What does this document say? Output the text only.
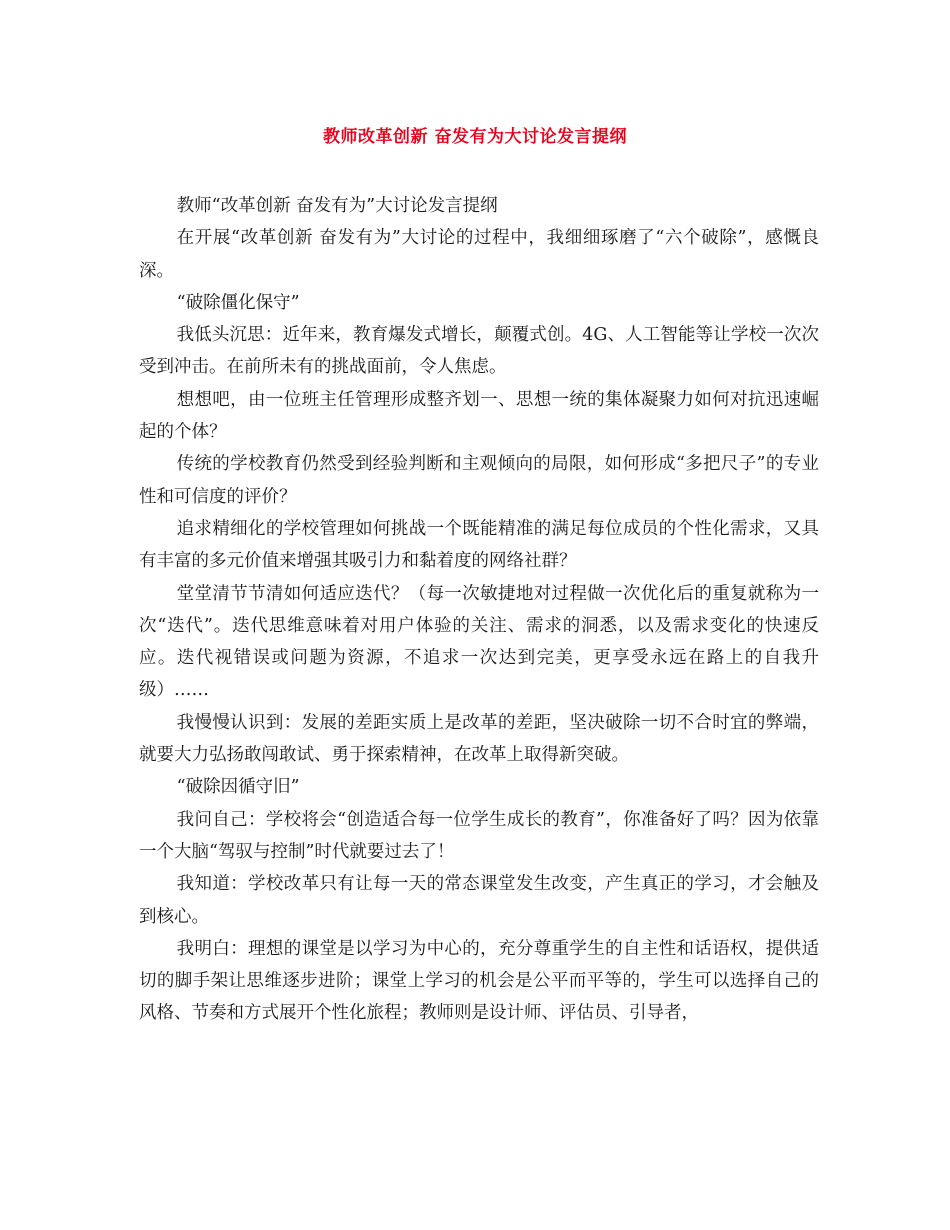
教师改革创新 奋发有为大讨论发言提纲

教师“改革创新 奋发有为”大讨论发言提纲

在开展“改革创新 奋发有为”大讨论的过程中，我细细琢磨了“六个破除”，感慨良深。

“破除僵化保守”

我低头沉思：近年来，教育爆发式增长，颠覆式创。4G、人工智能等让学校一次次受到冲击。在前所未有的挑战面前，令人焦虑。

想想吧，由一位班主任管理形成整齐划一、思想一统的集体凝聚力如何对抗迅速崛起的个体？

传统的学校教育仍然受到经验判断和主观倾向的局限，如何形成“多把尺子”的专业性和可信度的评价？

追求精细化的学校管理如何挑战一个既能精准的满足每位成员的个性化需求，又具有丰富的多元价值来增强其吸引力和黏着度的网络社群？

堂堂清节节清如何适应迭代？（每一次敏捷地对过程做一次优化后的重复就称为一次“迭代”。迭代思维意味着对用户体验的关注、需求的洞悉，以及需求变化的快速反应。迭代视错误或问题为资源，不追求一次达到完美，更享受永远在路上的自我升级）……

我慢慢认识到：发展的差距实质上是改革的差距，坚决破除一切不合时宜的弊端，就要大力弘扬敢闯敢试、勇于探索精神，在改革上取得新突破。

“破除因循守旧”

我问自己：学校将会“创造适合每一位学生成长的教育”，你准备好了吗？因为依靠一个大脑“驾驭与控制”时代就要过去了！

我知道：学校改革只有让每一天的常态课堂发生改变，产生真正的学习，才会触及到核心。

我明白：理想的课堂是以学习为中心的，充分尊重学生的自主性和话语权，提供适切的脚手架让思维逐步进阶；课堂上学习的机会是公平而平等的，学生可以选择自己的风格、节奏和方式展开个性化旅程；教师则是设计师、评估员、引导者，
